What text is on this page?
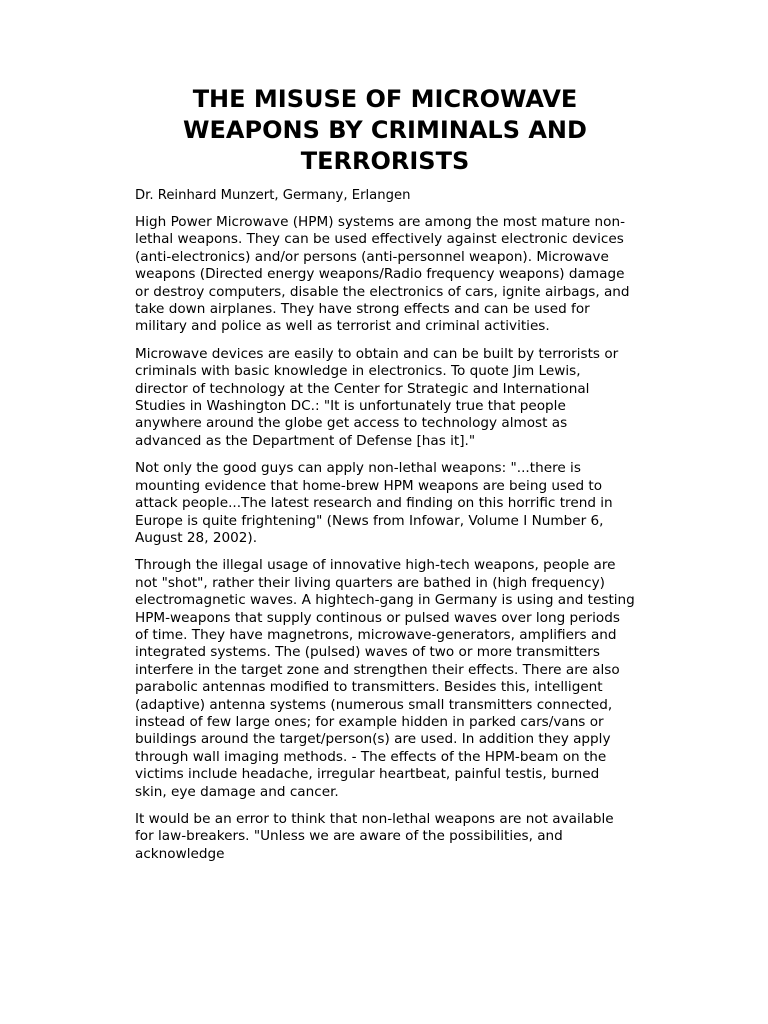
THE MISUSE OF MICROWAVE WEAPONS BY CRIMINALS AND TERRORISTS

Dr. Reinhard Munzert, Germany, Erlangen

High Power Microwave (HPM) systems are among the most mature non-lethal weapons. They can be used effectively against electronic devices (anti-electronics) and/or persons (anti-personnel weapon). Microwave weapons (Directed energy weapons/Radio frequency weapons) damage or destroy computers, disable the electronics of cars, ignite airbags, and take down airplanes. They have strong effects and can be used for military and police as well as terrorist and criminal activities.

Microwave devices are easily to obtain and can be built by terrorists or criminals with basic knowledge in electronics. To quote Jim Lewis, director of technology at the Center for Strategic and International Studies in Washington DC.: "It is unfortunately true that people anywhere around the globe get access to technology almost as advanced as the Department of Defense [has it]."

Not only the good guys can apply non-lethal weapons: "...there is mounting evidence that home-brew HPM weapons are being used to attack people...The latest research and finding on this horrific trend in Europe is quite frightening" (News from Infowar, Volume I Number 6, August 28, 2002).

Through the illegal usage of innovative high-tech weapons, people are not "shot", rather their living quarters are bathed in (high frequency) electromagnetic waves. A hightech-gang in Germany is using and testing HPM-weapons that supply continous or pulsed waves over long periods of time. They have magnetrons, microwave-generators, amplifiers and integrated systems. The (pulsed) waves of two or more transmitters interfere in the target zone and strengthen their effects. There are also parabolic antennas modified to transmitters. Besides this, intelligent (adaptive) antenna systems (numerous small transmitters connected, instead of few large ones; for example hidden in parked cars/vans or buildings around the target/person(s) are used. In addition they apply through wall imaging methods. - The effects of the HPM-beam on the victims include headache, irregular heartbeat, painful testis, burned skin, eye damage and cancer.

It would be an error to think that non-lethal weapons are not available for law-breakers. "Unless we are aware of the possibilities, and acknowledge
